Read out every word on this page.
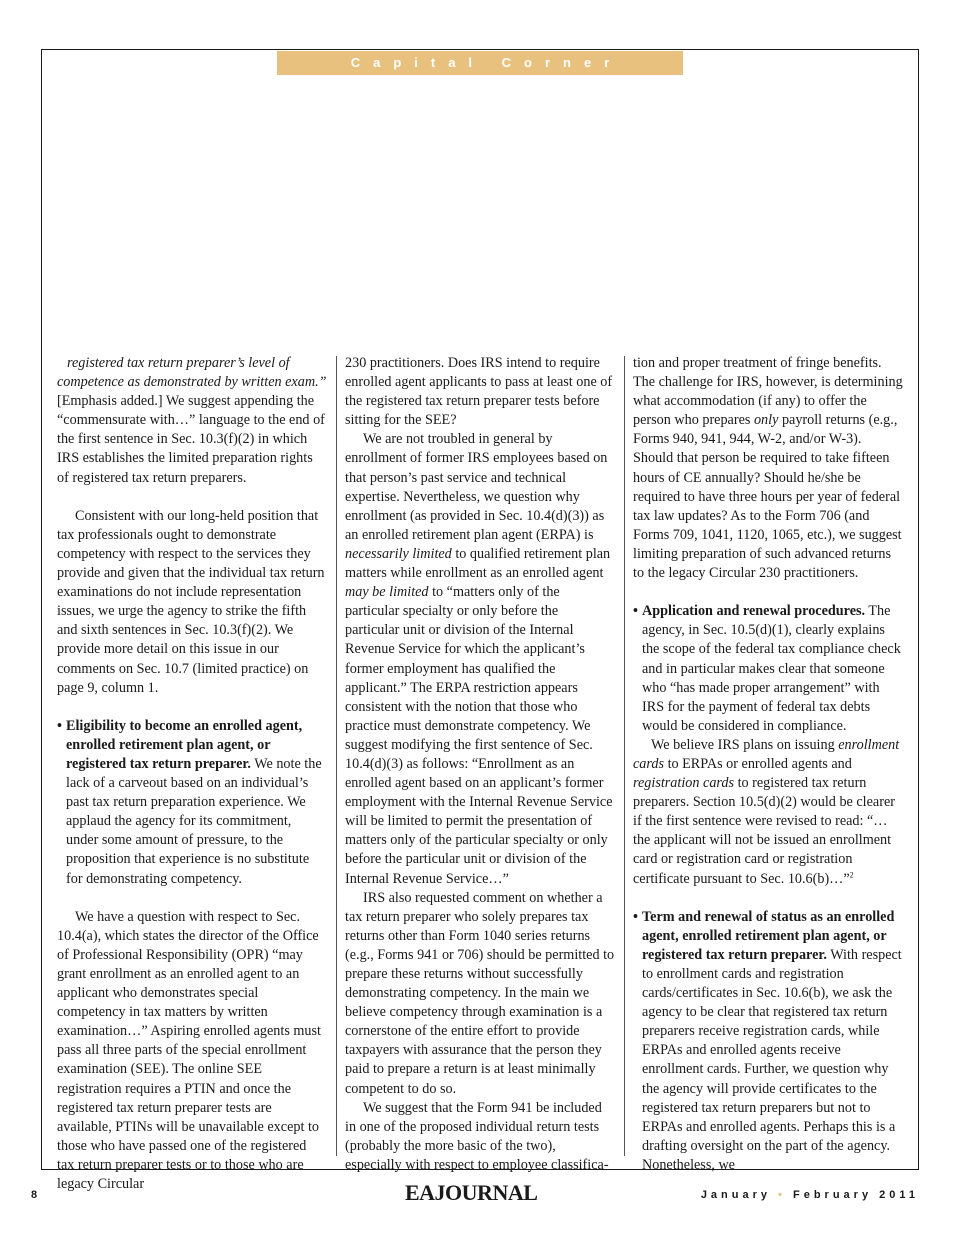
Capital Corner

registered tax return preparer’s level of competence as demonstrated by written exam.” [Emphasis added.] We suggest appending the “commensurate with…” language to the end of the first sentence in Sec. 10.3(f)(2) in which IRS establishes the limited preparation rights of registered tax return preparers.

Consistent with our long-held position that tax professionals ought to demonstrate competency with respect to the services they provide and given that the individual tax return examinations do not include representation issues, we urge the agency to strike the fifth and sixth sentences in Sec. 10.3(f)(2). We provide more detail on this issue in our comments on Sec. 10.7 (limited practice) on page 9, column 1.

• Eligibility to become an enrolled agent, enrolled retirement plan agent, or registered tax return preparer. We note the lack of a carveout based on an individual’s past tax return preparation experience. We applaud the agency for its commitment, under some amount of pressure, to the proposition that experience is no substitute for demonstrating competency.

We have a question with respect to Sec. 10.4(a), which states the director of the Office of Professional Responsibility (OPR) “may grant enrollment as an enrolled agent to an applicant who demonstrates special competency in tax matters by written examination…” Aspiring enrolled agents must pass all three parts of the special enrollment examination (SEE). The online SEE registration requires a PTIN and once the registered tax return preparer tests are available, PTINs will be unavailable except to those who have passed one of the registered tax return preparer tests or to those who are legacy Circular

230 practitioners. Does IRS intend to require enrolled agent applicants to pass at least one of the registered tax return preparer tests before sitting for the SEE?

We are not troubled in general by enrollment of former IRS employees based on that person’s past service and technical expertise. Nevertheless, we question why enrollment (as provided in Sec. 10.4(d)(3)) as an enrolled retirement plan agent (ERPA) is necessarily limited to qualified retirement plan matters while enrollment as an enrolled agent may be limited to “matters only of the particular specialty or only before the particular unit or division of the Internal Revenue Service for which the applicant’s former employment has qualified the applicant.” The ERPA restriction appears consistent with the notion that those who practice must demonstrate competency. We suggest modifying the first sentence of Sec. 10.4(d)(3) as follows: “Enrollment as an enrolled agent based on an applicant’s former employment with the Internal Revenue Service will be limited to permit the presentation of matters only of the particular specialty or only before the particular unit or division of the Internal Revenue Service…”

IRS also requested comment on whether a tax return preparer who solely prepares tax returns other than Form 1040 series returns (e.g., Forms 941 or 706) should be permitted to prepare these returns without successfully demonstrating competency. In the main we believe competency through examination is a cornerstone of the entire effort to provide taxpayers with assurance that the person they paid to prepare a return is at least minimally competent to do so.

We suggest that the Form 941 be included in one of the proposed individual return tests (probably the more basic of the two), especially with respect to employee classifica-

tion and proper treatment of fringe benefits. The challenge for IRS, however, is determining what accommodation (if any) to offer the person who prepares only payroll returns (e.g., Forms 940, 941, 944, W-2, and/or W-3). Should that person be required to take fifteen hours of CE annually? Should he/she be required to have three hours per year of federal tax law updates? As to the Form 706 (and Forms 709, 1041, 1120, 1065, etc.), we suggest limiting preparation of such advanced returns to the legacy Circular 230 practitioners.

• Application and renewal procedures. The agency, in Sec. 10.5(d)(1), clearly explains the scope of the federal tax compliance check and in particular makes clear that someone who “has made proper arrangement” with IRS for the payment of federal tax debts would be considered in compliance.

We believe IRS plans on issuing enrollment cards to ERPAs or enrolled agents and registration cards to registered tax return preparers. Section 10.5(d)(2) would be clearer if the first sentence were revised to read: “…the applicant will not be issued an enrollment card or registration card or registration certificate pursuant to Sec. 10.6(b)…”$^2$

• Term and renewal of status as an enrolled agent, enrolled retirement plan agent, or registered tax return preparer. With respect to enrollment cards and registration cards/certificates in Sec. 10.6(b), we ask the agency to be clear that registered tax return preparers receive registration cards, while ERPAs and enrolled agents receive enrollment cards. Further, we question why the agency will provide certificates to the registered tax return preparers but not to ERPAs and enrolled agents. Perhaps this is a drafting oversight on the part of the agency. Nonetheless, we

8	EAJOURNAL	January • February 2011
